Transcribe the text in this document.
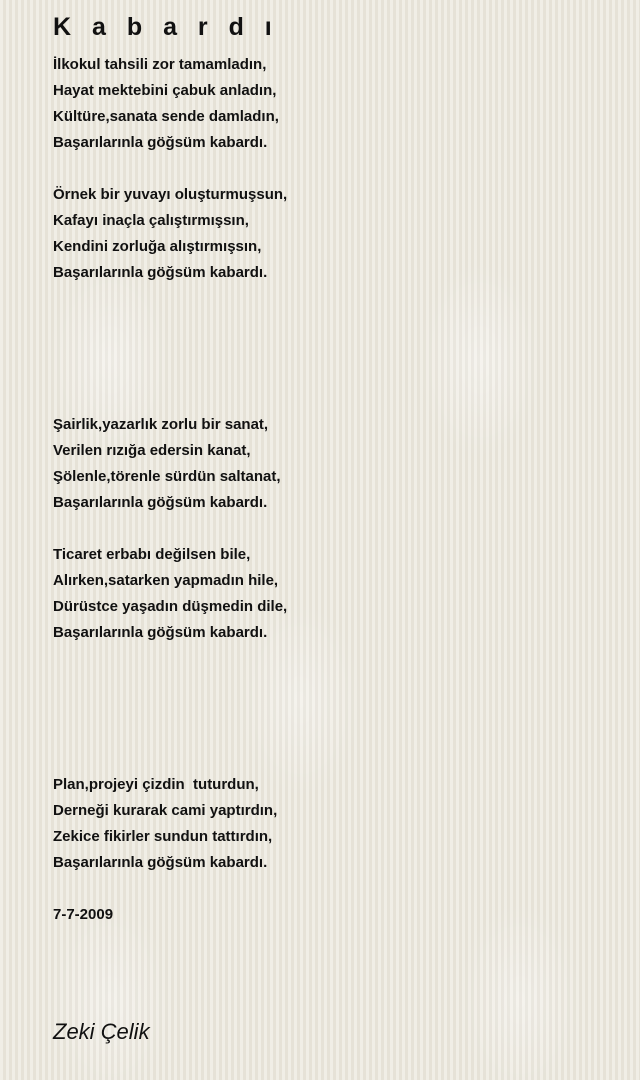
K a b a r d ı
İlkokul tahsili zor tamamladın,
Hayat mektebini çabuk anladın,
Kültüre,sanata sende damladın,
Başarılarınla göğsüm kabardı.
Örnek bir yuvayı oluşturmuşsun,
Kafayı inaçla çalıştırmışsın,
Kendini zorluğa alıştırmışsın,
Başarılarınla göğsüm kabardı.
Şairlik,yazarlık zorlu bir sanat,
Verilen rızığa edersin kanat,
Şölenle,törenle sürdün saltanat,
Başarılarınla göğsüm kabardı.
Ticaret erbabı değilsen bile,
Alırken,satarken yapmadın hile,
Dürüstce yaşadın düşmedin dile,
Başarılarınla göğsüm kabardı.
Plan,projeyi çizdin  tuturdun,
Derneği kurarak cami yaptırdın,
Zekice fikirler sundun tattırdın,
Başarılarınla göğsüm kabardı.
7-7-2009
Zeki Çelik
